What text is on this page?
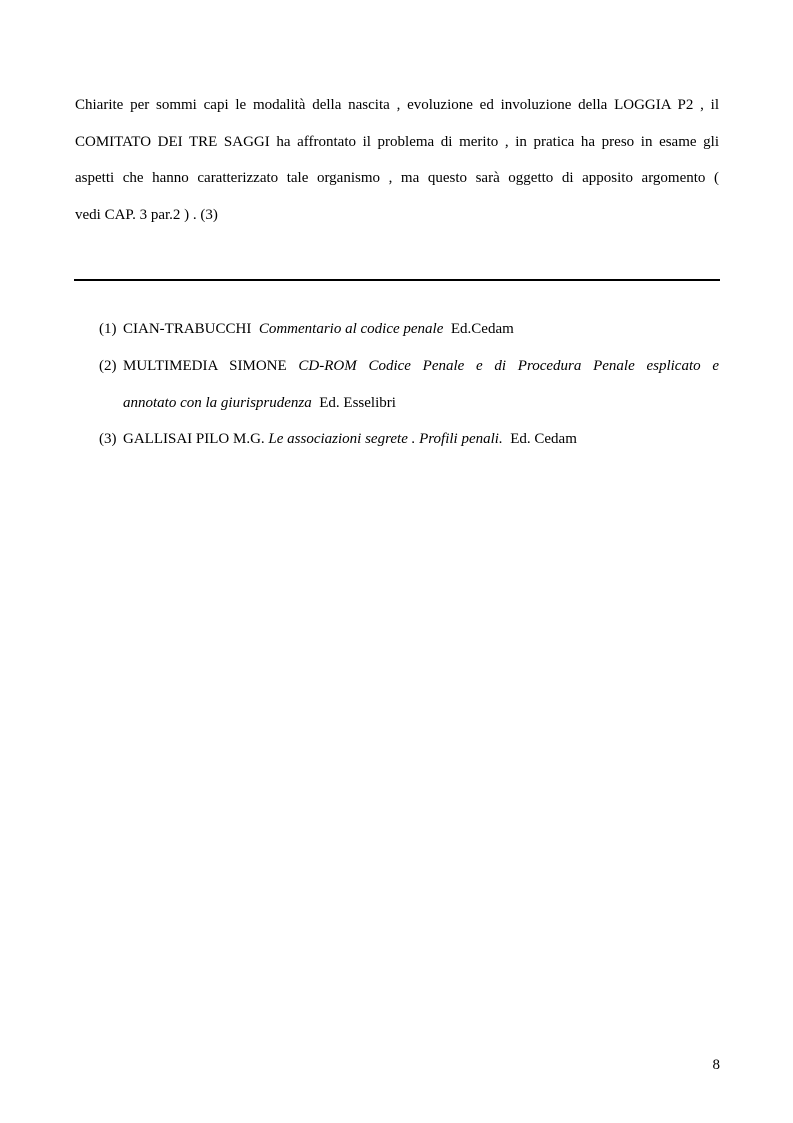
Chiarite per sommi capi le modalità della nascita , evoluzione ed involuzione della LOGGIA P2 , il
COMITATO DEI TRE SAGGI ha affrontato il problema di merito , in pratica ha preso in esame gli
aspetti che hanno caratterizzato tale organismo , ma questo sarà oggetto di apposito argomento (
vedi CAP. 3 par.2 ) . (3)
(1) CIAN-TRABUCCHI Commentario al codice penale Ed.Cedam
(2) MULTIMEDIA SIMONE CD-ROM Codice Penale e di Procedura Penale esplicato e
annotato con la giurisprudenza Ed. Esselibri
(3) GALLISAI PILO M.G. Le associazioni segrete . Profili penali. Ed. Cedam
8
